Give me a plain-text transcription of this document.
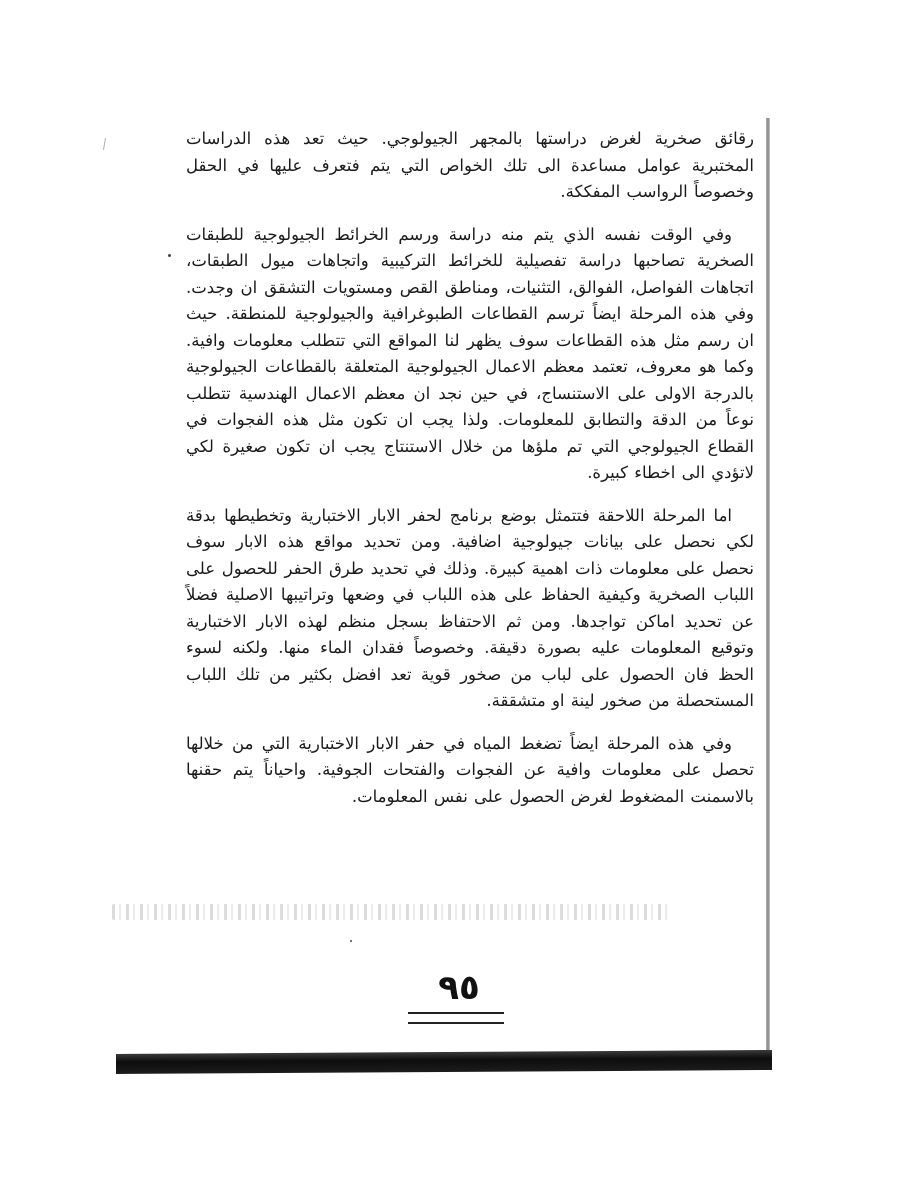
رقائق صخرية لغرض دراستها بالمجهر الجيولوجي. حيث تعد هذه الدراسات المختبرية عوامل مساعدة الى تلك الخواص التي يتم فتعرف عليها في الحقل وخصوصاً الرواسب المفككة.

وفي الوقت نفسه الذي يتم منه دراسة ورسم الخرائط الجيولوجية للطبقات الصخرية تصاحبها دراسة تفصيلية للخرائط التركيبية واتجاهات ميول الطبقات، اتجاهات الفواصل، الفوالق، التثنيات، ومناطق القص ومستويات التشقق ان وجدت. وفي هذه المرحلة ايضاً ترسم القطاعات الطبوغرافية والجيولوجية للمنطقة. حيث ان رسم مثل هذه القطاعات سوف يظهر لنا المواقع التي تتطلب معلومات وافية. وكما هو معروف، تعتمد معظم الاعمال الجيولوجية المتعلقة بالقطاعات الجيولوجية بالدرجة الاولى على الاستنساج، في حين نجد ان معظم الاعمال الهندسية تتطلب نوعاً من الدقة والتطابق للمعلومات. ولذا يجب ان تكون مثل هذه الفجوات في القطاع الجيولوجي التي تم ملؤها من خلال الاستنتاج يجب ان تكون صغيرة لكي لاتؤدي الى اخطاء كبيرة.

اما المرحلة اللاحقة فتتمثل بوضع برنامج لحفر الابار الاختبارية وتخطيطها بدقة لكي نحصل على بيانات جيولوجية اضافية. ومن تحديد مواقع هذه الابار سوف نحصل على معلومات ذات اهمية كبيرة. وذلك في تحديد طرق الحفر للحصول على اللباب الصخرية وكيفية الحفاظ على هذه اللباب في وضعها وتراتيبها الاصلية فضلاً عن تحديد اماكن تواجدها. ومن ثم الاحتفاظ بسجل منظم لهذه الابار الاختبارية وتوقيع المعلومات عليه بصورة دقيقة. وخصوصاً فقدان الماء منها. ولكنه لسوء الحظ فان الحصول على لباب من صخور قوية تعد افضل بكثير من تلك اللباب المستحصلة من صخور لينة او متشققة.

وفي هذه المرحلة ايضاً تضغط المياه في حفر الابار الاختبارية التي من خلالها تحصل على معلومات وافية عن الفجوات والفتحات الجوفية. واحياناً يتم حقنها بالاسمنت المضغوط لغرض الحصول على نفس المعلومات.

٩٥
